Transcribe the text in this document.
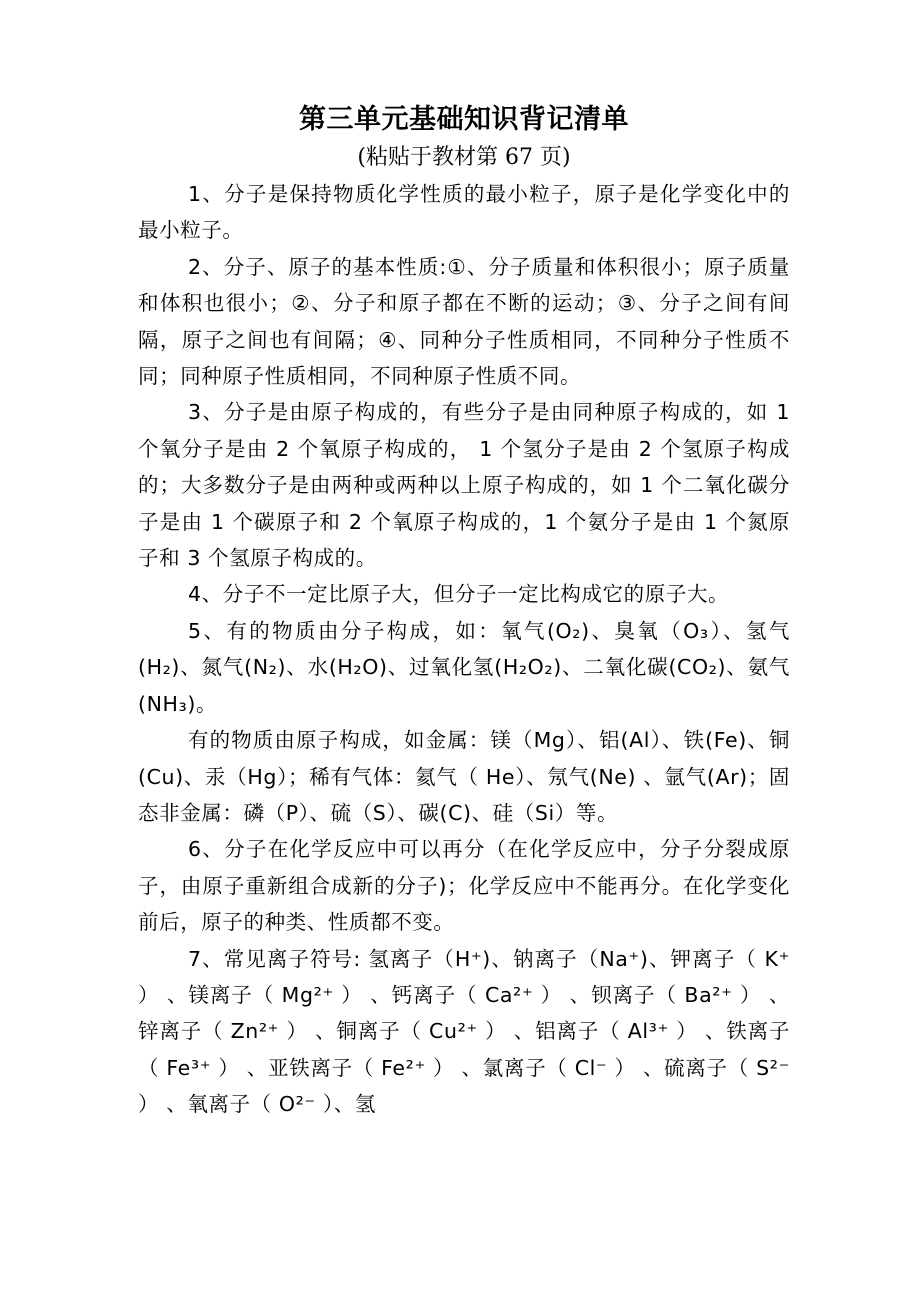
第三单元基础知识背记清单

(粘贴于教材第 67 页)

1、分子是保持物质化学性质的最小粒子，原子是化学变化中的最小粒子。

2、分子、原子的基本性质:①、分子质量和体积很小；原子质量和体积也很小；②、分子和原子都在不断的运动；③、分子之间有间隔，原子之间也有间隔；④、同种分子性质相同，不同种分子性质不同；同种原子性质相同，不同种原子性质不同。

3、分子是由原子构成的，有些分子是由同种原子构成的，如 1 个氧分子是由 2 个氧原子构成的， 1 个氢分子是由 2 个氢原子构成的；大多数分子是由两种或两种以上原子构成的，如 1 个二氧化碳分子是由 1 个碳原子和 2 个氧原子构成的，1 个氨分子是由 1 个氮原子和 3 个氢原子构成的。

4、分子不一定比原子大，但分子一定比构成它的原子大。

5、有的物质由分子构成，如：氧气(O₂)、臭氧（O₃）、氢气(H₂)、氮气(N₂)、水(H₂O)、过氧化氢(H₂O₂)、二氧化碳(CO₂)、氨气(NH₃)。

有的物质由原子构成，如金属：镁（Mg）、铝(Al）、铁(Fe)、铜(Cu)、汞（Hg）；稀有气体：氦气（ He）、氖气(Ne) 、氩气(Ar)；固态非金属：磷（P）、硫（S）、碳(C)、硅（Si）等。

6、分子在化学反应中可以再分（在化学反应中，分子分裂成原子，由原子重新组合成新的分子)；化学反应中不能再分。在化学变化前后，原子的种类、性质都不变。

7、常见离子符号: 氢离子（H⁺)、钠离子（Na⁺)、钾离子（ K⁺ ） 、镁离子（ Mg²⁺ ） 、钙离子（ Ca²⁺ ） 、钡离子（ Ba²⁺ ） 、锌离子（ Zn²⁺ ） 、铜离子（ Cu²⁺ ） 、铝离子（ Al³⁺ ） 、铁离子（ Fe³⁺ ） 、亚铁离子（ Fe²⁺ ） 、氯离子（ Cl⁻ ） 、硫离子（ S²⁻ ） 、氧离子（ O²⁻ ）、氢
